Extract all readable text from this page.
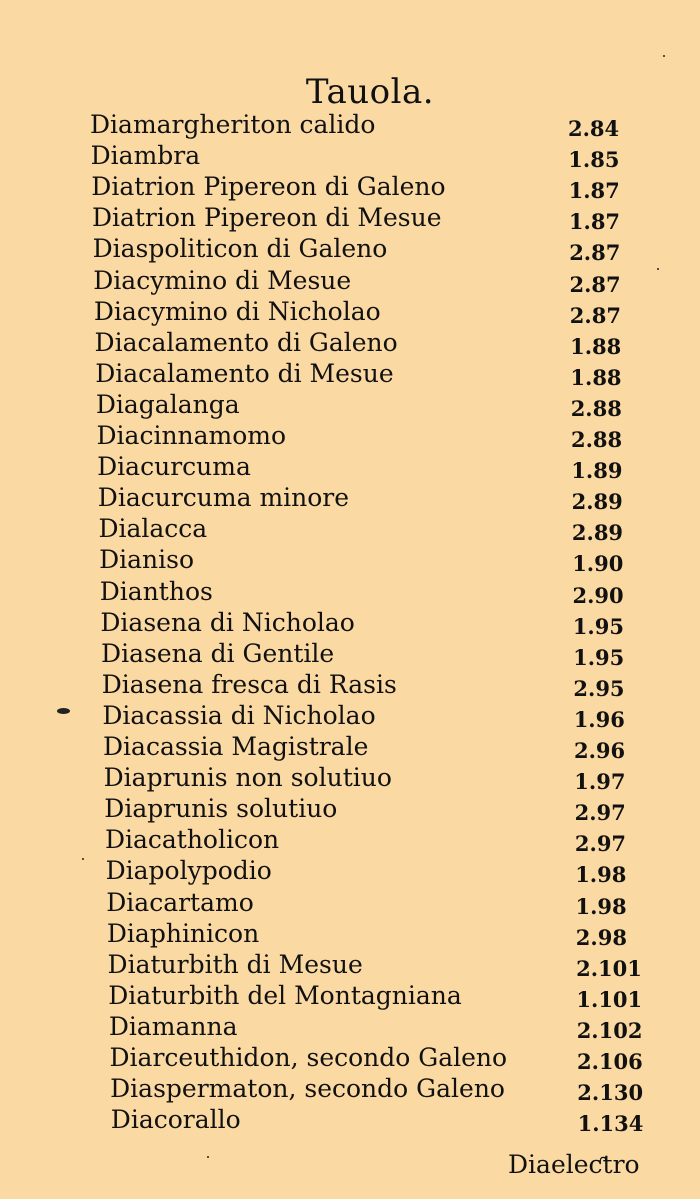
Tauola.
Diamargheriton calido	2.84
Diambra	1.85
Diatrion Pipereon di Galeno	1.87
Diatrion Pipereon di Mesue	1.87
Diaspoliticon di Galeno	2.87
Diacymino di Mesue	2.87
Diacymino di Nicholao	2.87
Diacalamento di Galeno	1.88
Diacalamento di Mesue	1.88
Diagalanga	2.88
Diacinnamomo	2.88
Diacurcuma	1.89
Diacurcuma minore	2.89
Dialacca	2.89
Dianiso	1.90
Dianthos	2.90
Diasena di Nicholao	1.95
Diasena di Gentile	1.95
Diasena fresca di Rasis	2.95
Diacassia di Nicholao	1.96
Diacassia Magistrale	2.96
Diaprunis non solutiuo	1.97
Diaprunis solutiuo	2.97
Diacatholicon	2.97
Diapolypodio	1.98
Diacartamo	1.98
Diaphinicon	2.98
Diaturbith di Mesue	2.101
Diaturbith del Montagniana	1.101
Diamanna	2.102
Diarceuthidon, secondo Galeno	2.106
Diaspermaton, secondo Galeno	2.130
Diacorallo	1.134
Diaeleƈtro
